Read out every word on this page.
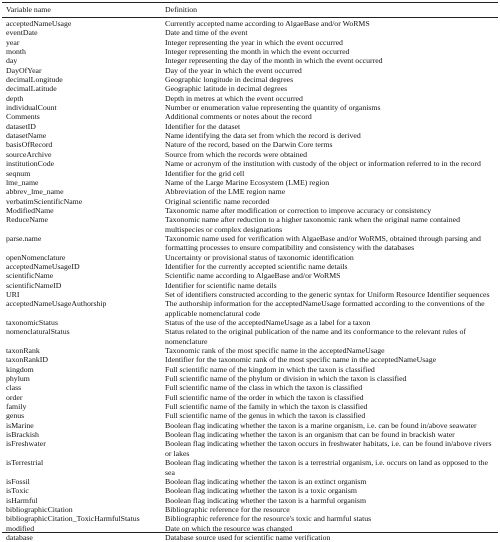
Variable name	Definition
acceptedNameUsage	Currently accepted name according to AlgaeBase and/or WoRMS
eventDate	Date and time of the event
year	Integer representing the year in which the event occurred
month	Integer representing the month in which the event occurred
day	Integer representing the day of the month in which the event occurred
DayOfYear	Day of the year in which the event occurred
decimalLongitude	Geographic longitude in decimal degrees
decimalLatitude	Geographic latitude in decimal degrees
depth	Depth in metres at which the event occurred
individualCount	Number or enumeration value representing the quantity of organisms
Comments	Additional comments or notes about the record
datasetID	Identifier for the dataset
datasetName	Name identifying the data set from which the record is derived
basisOfRecord	Nature of the record, based on the Darwin Core terms
sourceArchive	Source from which the records were obtained
institutionCode	Name or acronym of the institution with custody of the object or information referred to in the record
seqnum	Identifier for the grid cell
lme_name	Name of the Large Marine Ecosystem (LME) region
abbrev_lme_name	Abbreviation of the LME region name
verbatimScientificName	Original scientific name recorded
ModifiedName	Taxonomic name after modification or correction to improve accuracy or consistency
ReduceName	Taxonomic name after reduction to a higher taxonomic rank when the original name contained multispecies or complex designations
parse.name	Taxonomic name used for verification with AlgaeBase and/or WoRMS, obtained through parsing and formatting processes to ensure compatibility and consistency with the databases
openNomenclature	Uncertainty or provisional status of taxonomic identification
acceptedNameUsageID	Identifier for the currently accepted scientific name details
scientificName	Scientific name according to AlgaeBase and/or WoRMS
scientificNameID	Identifier for scientific name details
URI	Set of identifiers constructed according to the generic syntax for Uniform Resource Identifier sequences
acceptedNameUsageAuthorship	The authorship information for the acceptedNameUsage formatted according to the conventions of the applicable nomenclatural code
taxonomicStatus	Status of the use of the acceptedNameUsage as a label for a taxon
nomenclaturalStatus	Status related to the original publication of the name and its conformance to the relevant rules of nomenclature
taxonRank	Taxonomic rank of the most specific name in the acceptedNameUsage
taxonRankID	Identifier for the taxonomic rank of the most specific name in the acceptedNameUsage
kingdom	Full scientific name of the kingdom in which the taxon is classified
phylum	Full scientific name of the phylum or division in which the taxon is classified
class	Full scientific name of the class in which the taxon is classified
order	Full scientific name of the order in which the taxon is classified
family	Full scientific name of the family in which the taxon is classified
genus	Full scientific name of the genus in which the taxon is classified
isMarine	Boolean flag indicating whether the taxon is a marine organism, i.e. can be found in/above seawater
isBrackish	Boolean flag indicating whether the taxon is an organism that can be found in brackish water
isFreshwater	Boolean flag indicating whether the taxon occurs in freshwater habitats, i.e. can be found in/above rivers or lakes
isTerrestrial	Boolean flag indicating whether the taxon is a terrestrial organism, i.e. occurs on land as opposed to the sea
isFossil	Boolean flag indicating whether the taxon is an extinct organism
isToxic	Boolean flag indicating whether the taxon is a toxic organism
isHarmful	Boolean flag indicating whether the taxon is a harmful organism
bibliographicCitation	Bibliographic reference for the resource
bibliographicCitation_ToxicHarmfulStatus	Bibliographic reference for the resource's toxic and harmful status
modified	Date on which the resource was changed
database	Database source used for scientific name verification
